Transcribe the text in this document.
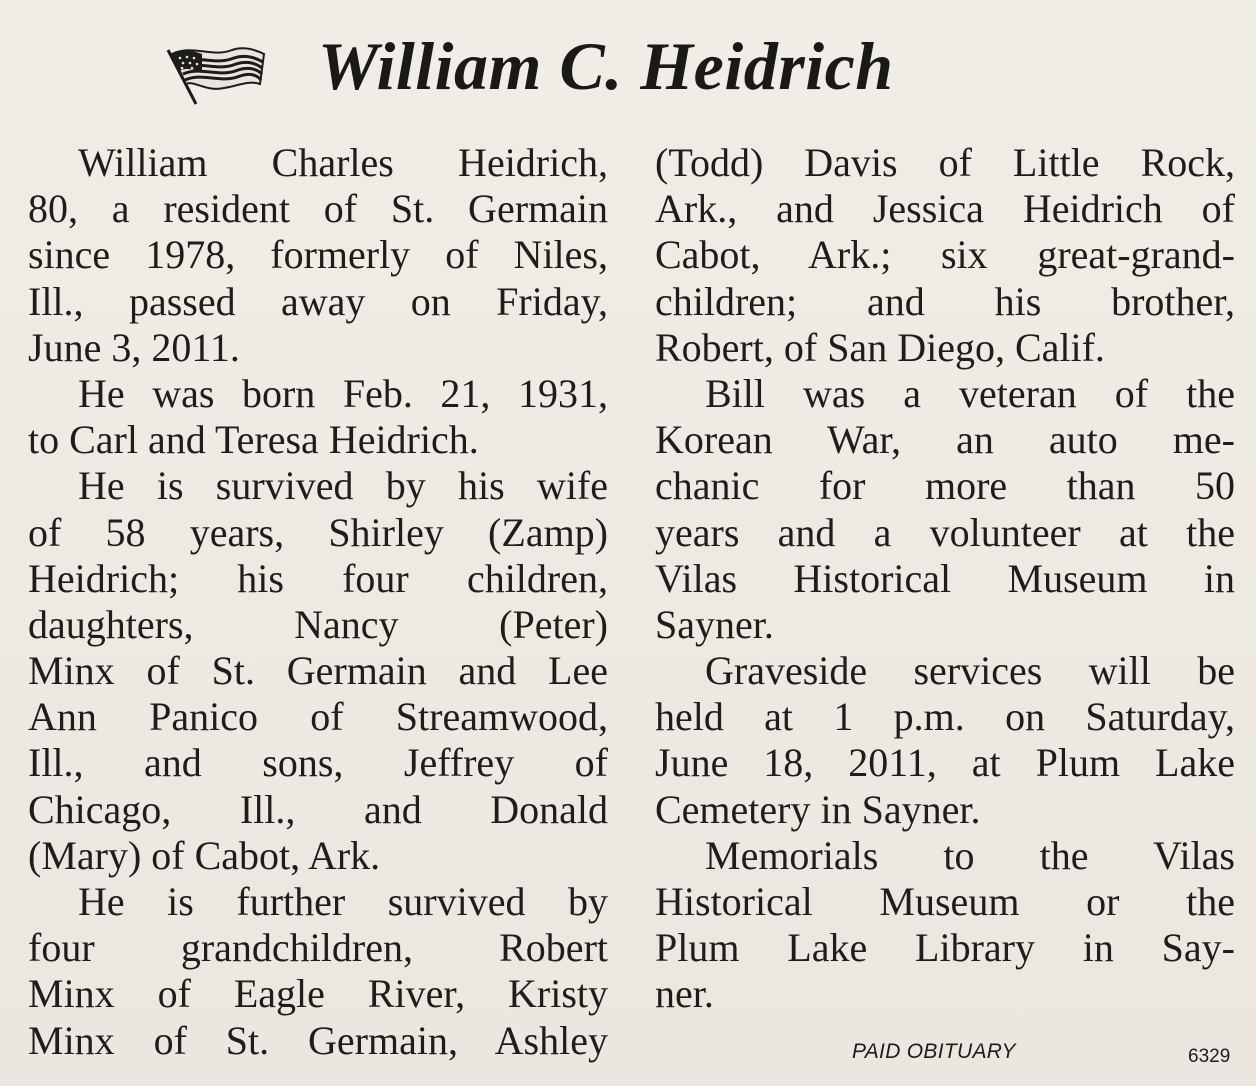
William C. Heidrich
William Charles Heidrich,
80, a resident of St. Germain
since 1978, formerly of Niles,
Ill., passed away on Friday,
June 3, 2011.
He was born Feb. 21, 1931,
to Carl and Teresa Heidrich.
He is survived by his wife
of 58 years, Shirley (Zamp)
Heidrich; his four children,
daughters, Nancy (Peter)
Minx of St. Germain and Lee
Ann Panico of Streamwood,
Ill., and sons, Jeffrey of
Chicago, Ill., and Donald
(Mary) of Cabot, Ark.
He is further survived by
four grandchildren, Robert
Minx of Eagle River, Kristy
Minx of St. Germain, Ashley
(Todd) Davis of Little Rock,
Ark., and Jessica Heidrich of
Cabot, Ark.; six great-grand-
children; and his brother,
Robert, of San Diego, Calif.
Bill was a veteran of the
Korean War, an auto me-
chanic for more than 50
years and a volunteer at the
Vilas Historical Museum in
Sayner.
Graveside services will be
held at 1 p.m. on Saturday,
June 18, 2011, at Plum Lake
Cemetery in Sayner.
Memorials to the Vilas
Historical Museum or the
Plum Lake Library in Say-
ner.
PAID OBITUARY	6329
